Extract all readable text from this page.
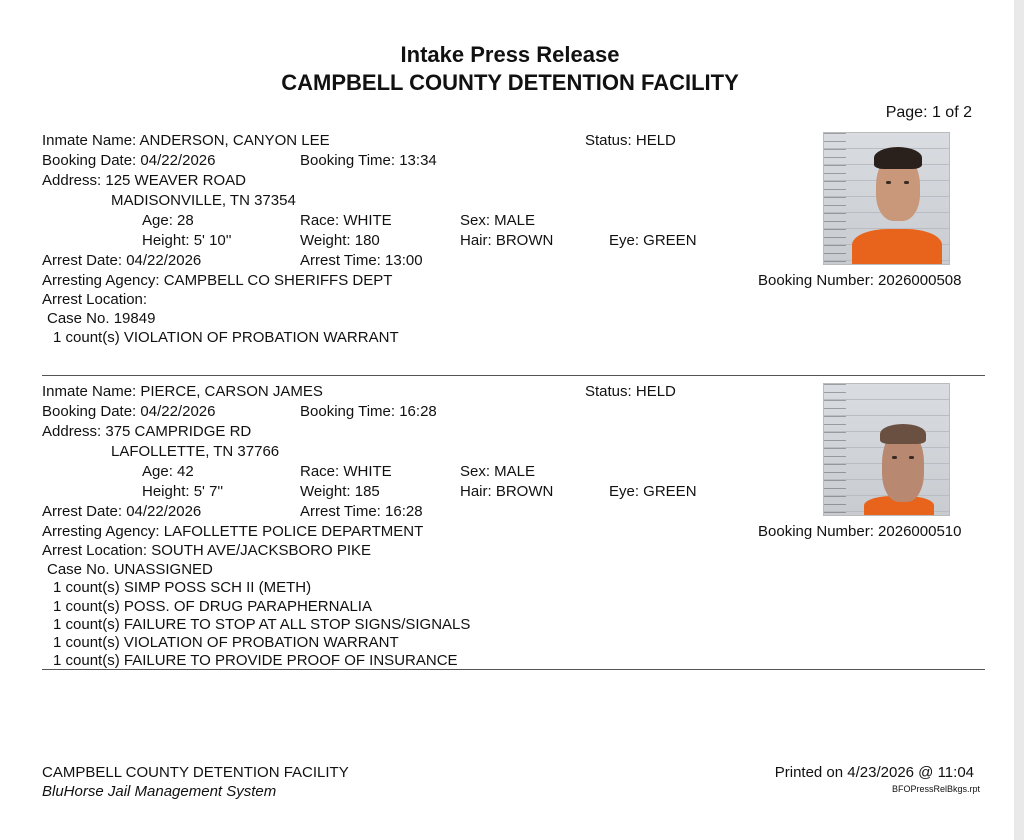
Intake Press Release
CAMPBELL COUNTY DETENTION FACILITY
Page: 1 of 2
Inmate Name: ANDERSON, CANYON LEE	Status: HELD
Booking Date: 04/22/2026	Booking Time: 13:34
Address: 125 WEAVER ROAD
MADISONVILLE, TN 37354
Age: 28	Race: WHITE	Sex: MALE
Height: 5' 10''	Weight: 180	Hair: BROWN	Eye: GREEN
Arrest Date: 04/22/2026	Arrest Time: 13:00
Arresting Agency: CAMPBELL CO SHERIFFS DEPT	Booking Number: 2026000508
Arrest Location:
Case No. 19849
1 count(s) VIOLATION OF PROBATION WARRANT
Inmate Name: PIERCE, CARSON JAMES	Status: HELD
Booking Date: 04/22/2026	Booking Time: 16:28
Address: 375 CAMPRIDGE RD
LAFOLLETTE, TN 37766
Age: 42	Race: WHITE	Sex: MALE
Height: 5' 7''	Weight: 185	Hair: BROWN	Eye: GREEN
Arrest Date: 04/22/2026	Arrest Time: 16:28
Arresting Agency: LAFOLLETTE POLICE DEPARTMENT	Booking Number: 2026000510
Arrest Location: SOUTH AVE/JACKSBORO PIKE
Case No. UNASSIGNED
1 count(s) SIMP POSS SCH II (METH)
1 count(s) POSS. OF DRUG PARAPHERNALIA
1 count(s) FAILURE TO STOP AT ALL STOP SIGNS/SIGNALS
1 count(s) VIOLATION OF PROBATION WARRANT
1 count(s) FAILURE TO PROVIDE PROOF OF INSURANCE
CAMPBELL COUNTY DETENTION FACILITY
BluHorse Jail Management System
Printed on 4/23/2026 @ 11:04
BFOPressRelBkgs.rpt
